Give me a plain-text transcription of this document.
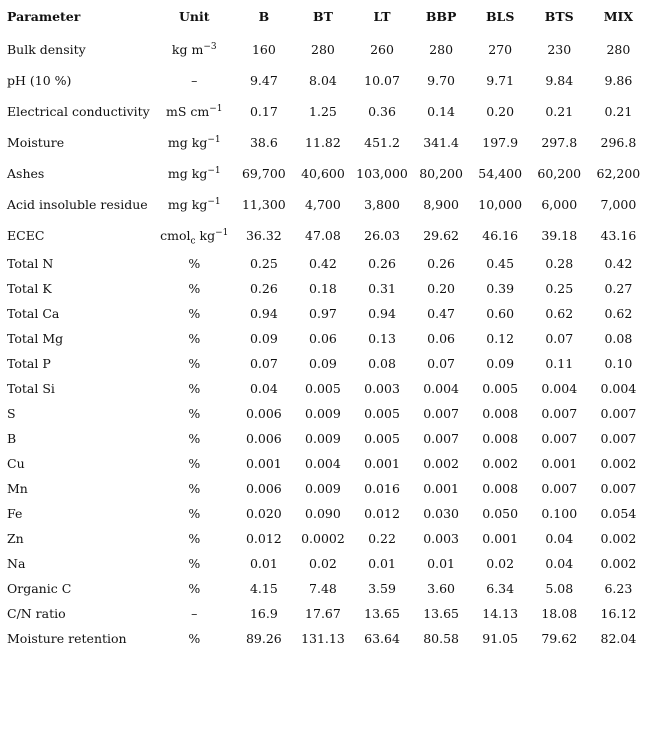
Parameter	Unit	B	BT	LT	BBP	BLS	BTS	MIX
Bulk density	kg $m^{-3}$	160	280	260	280	270	230	280
pH (10 %)	–	9.47	8.04	10.07	9.70	9.71	9.84	9.86
Electrical conductivity	mS $cm^{-1}$	0.17	1.25	0.36	0.14	0.20	0.21	0.21
Moisture	mg $kg^{-1}$	38.6	11.82	451.2	341.4	197.9	297.8	296.8
Ashes	mg $kg^{-1}$	69,700	40,600	103,000	80,200	54,400	60,200	62,200
Acid insoluble residue	mg $kg^{-1}$	11,300	4,700	3,800	8,900	10,000	6,000	7,000
ECEC	cmol$_c$ $kg^{-1}$	36.32	47.08	26.03	29.62	46.16	39.18	43.16
Total N	%	0.25	0.42	0.26	0.26	0.45	0.28	0.42
Total K	%	0.26	0.18	0.31	0.20	0.39	0.25	0.27
Total Ca	%	0.94	0.97	0.94	0.47	0.60	0.62	0.62
Total Mg	%	0.09	0.06	0.13	0.06	0.12	0.07	0.08
Total P	%	0.07	0.09	0.08	0.07	0.09	0.11	0.10
Total Si	%	0.04	0.005	0.003	0.004	0.005	0.004	0.004
S	%	0.006	0.009	0.005	0.007	0.008	0.007	0.007
B	%	0.006	0.009	0.005	0.007	0.008	0.007	0.007
Cu	%	0.001	0.004	0.001	0.002	0.002	0.001	0.002
Mn	%	0.006	0.009	0.016	0.001	0.008	0.007	0.007
Fe	%	0.020	0.090	0.012	0.030	0.050	0.100	0.054
Zn	%	0.012	0.0002	0.22	0.003	0.001	0.04	0.002
Na	%	0.01	0.02	0.01	0.01	0.02	0.04	0.002
Organic C	%	4.15	7.48	3.59	3.60	6.34	5.08	6.23
C/N ratio	–	16.9	17.67	13.65	13.65	14.13	18.08	16.12
Moisture retention	%	89.26	131.13	63.64	80.58	91.05	79.62	82.04
